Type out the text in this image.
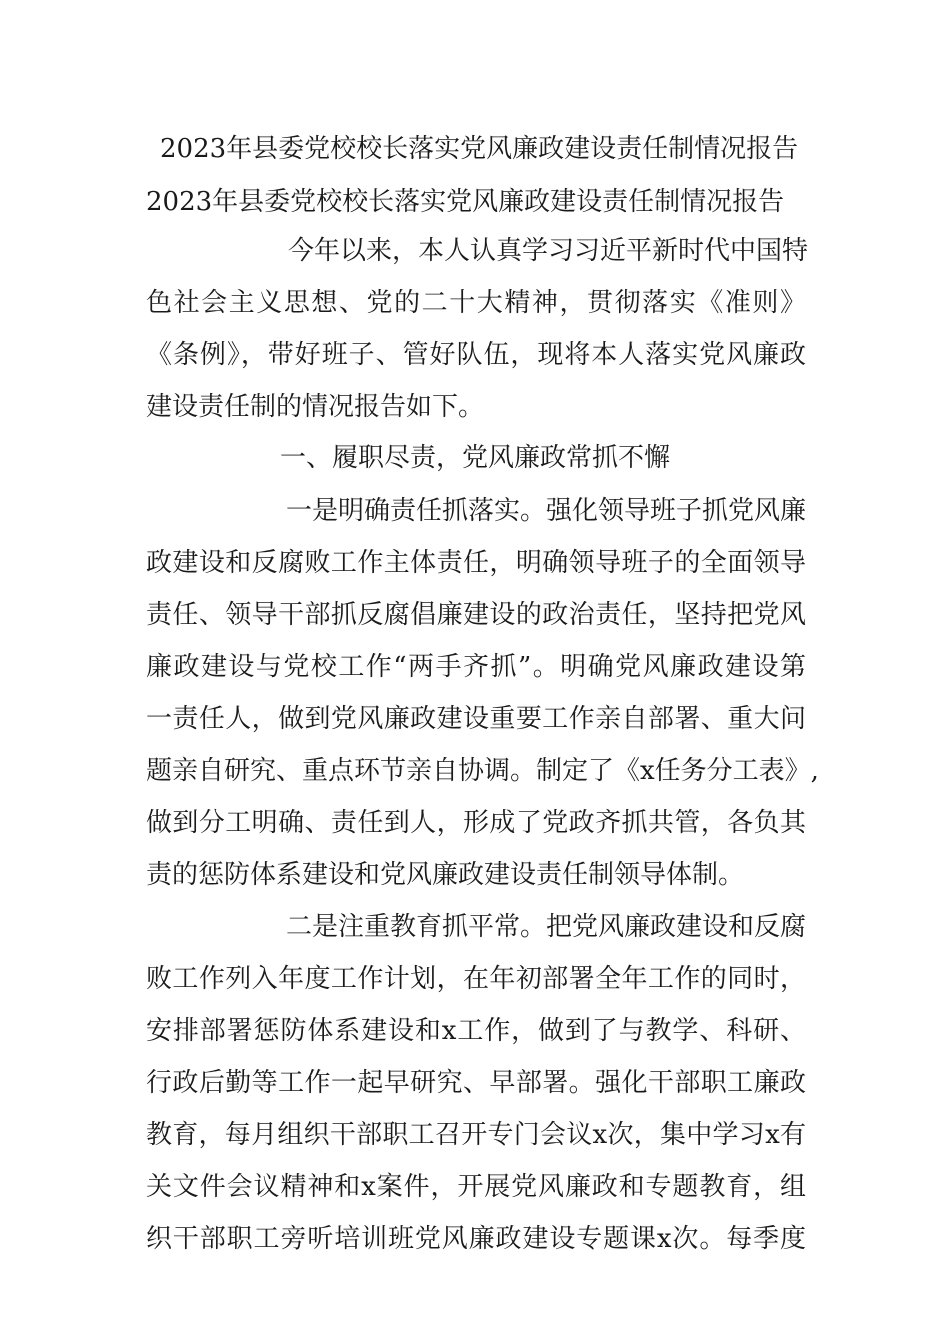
2023年县委党校校长落实党风廉政建设责任制情况报告
2023年县委党校校长落实党风廉政建设责任制情况报告

今年以来，本人认真学习习近平新时代中国特

色社会主义思想、党的二十大精神，贯彻落实《准则》

《条例》，带好班子、管好队伍，现将本人落实党风廉政

建设责任制的情况报告如下。

一、履职尽责，党风廉政常抓不懈

一是明确责任抓落实。强化领导班子抓党风廉

政建设和反腐败工作主体责任，明确领导班子的全面领导

责任、领导干部抓反腐倡廉建设的政治责任，坚持把党风

廉政建设与党校工作“两手齐抓”。明确党风廉政建设第

一责任人，做到党风廉政建设重要工作亲自部署、重大问

题亲自研究、重点环节亲自协调。制定了《x任务分工表》,

做到分工明确、责任到人，形成了党政齐抓共管，各负其

责的惩防体系建设和党风廉政建设责任制领导体制。

二是注重教育抓平常。把党风廉政建设和反腐

败工作列入年度工作计划，在年初部署全年工作的同时，

安排部署惩防体系建设和x工作，做到了与教学、科研、

行政后勤等工作一起早研究、早部署。强化干部职工廉政

教育，每月组织干部职工召开专门会议x次，集中学习x有

关文件会议精神和x案件，开展党风廉政和专题教育，组

织干部职工旁听培训班党风廉政建设专题课x次。每季度
